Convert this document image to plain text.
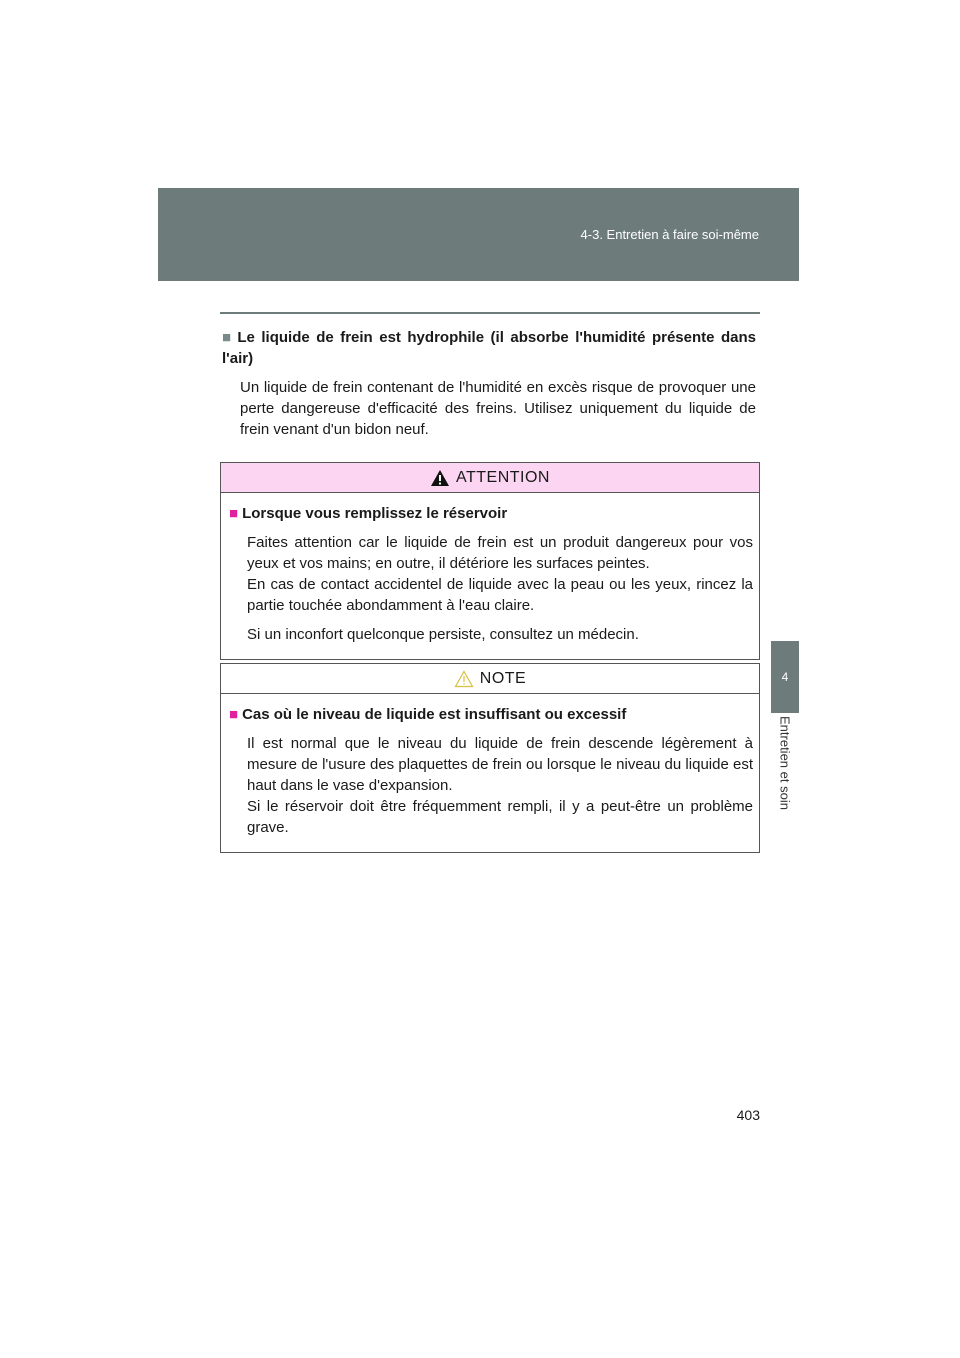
4-3. Entretien à faire soi-même
4
Entretien et soin
■ Le liquide de frein est hydrophile (il absorbe l'humidité présente dans l'air)
Un liquide de frein contenant de l'humidité en excès risque de provoquer une perte dangereuse d'efficacité des freins. Utilisez uniquement du liquide de frein venant d'un bidon neuf.
ATTENTION
■ Lorsque vous remplissez le réservoir

Faites attention car le liquide de frein est un produit dangereux pour vos yeux et vos mains; en outre, il détériore les surfaces peintes.

En cas de contact accidentel de liquide avec la peau ou les yeux, rincez la partie touchée abondamment à l'eau claire.

Si un inconfort quelconque persiste, consultez un médecin.

NOTE
■ Cas où le niveau de liquide est insuffisant ou excessif

Il est normal que le niveau du liquide de frein descende légèrement à mesure de l'usure des plaquettes de frein ou lorsque le niveau du liquide est haut dans le vase d'expansion.

Si le réservoir doit être fréquemment rempli, il y a peut-être un problème grave.

403
